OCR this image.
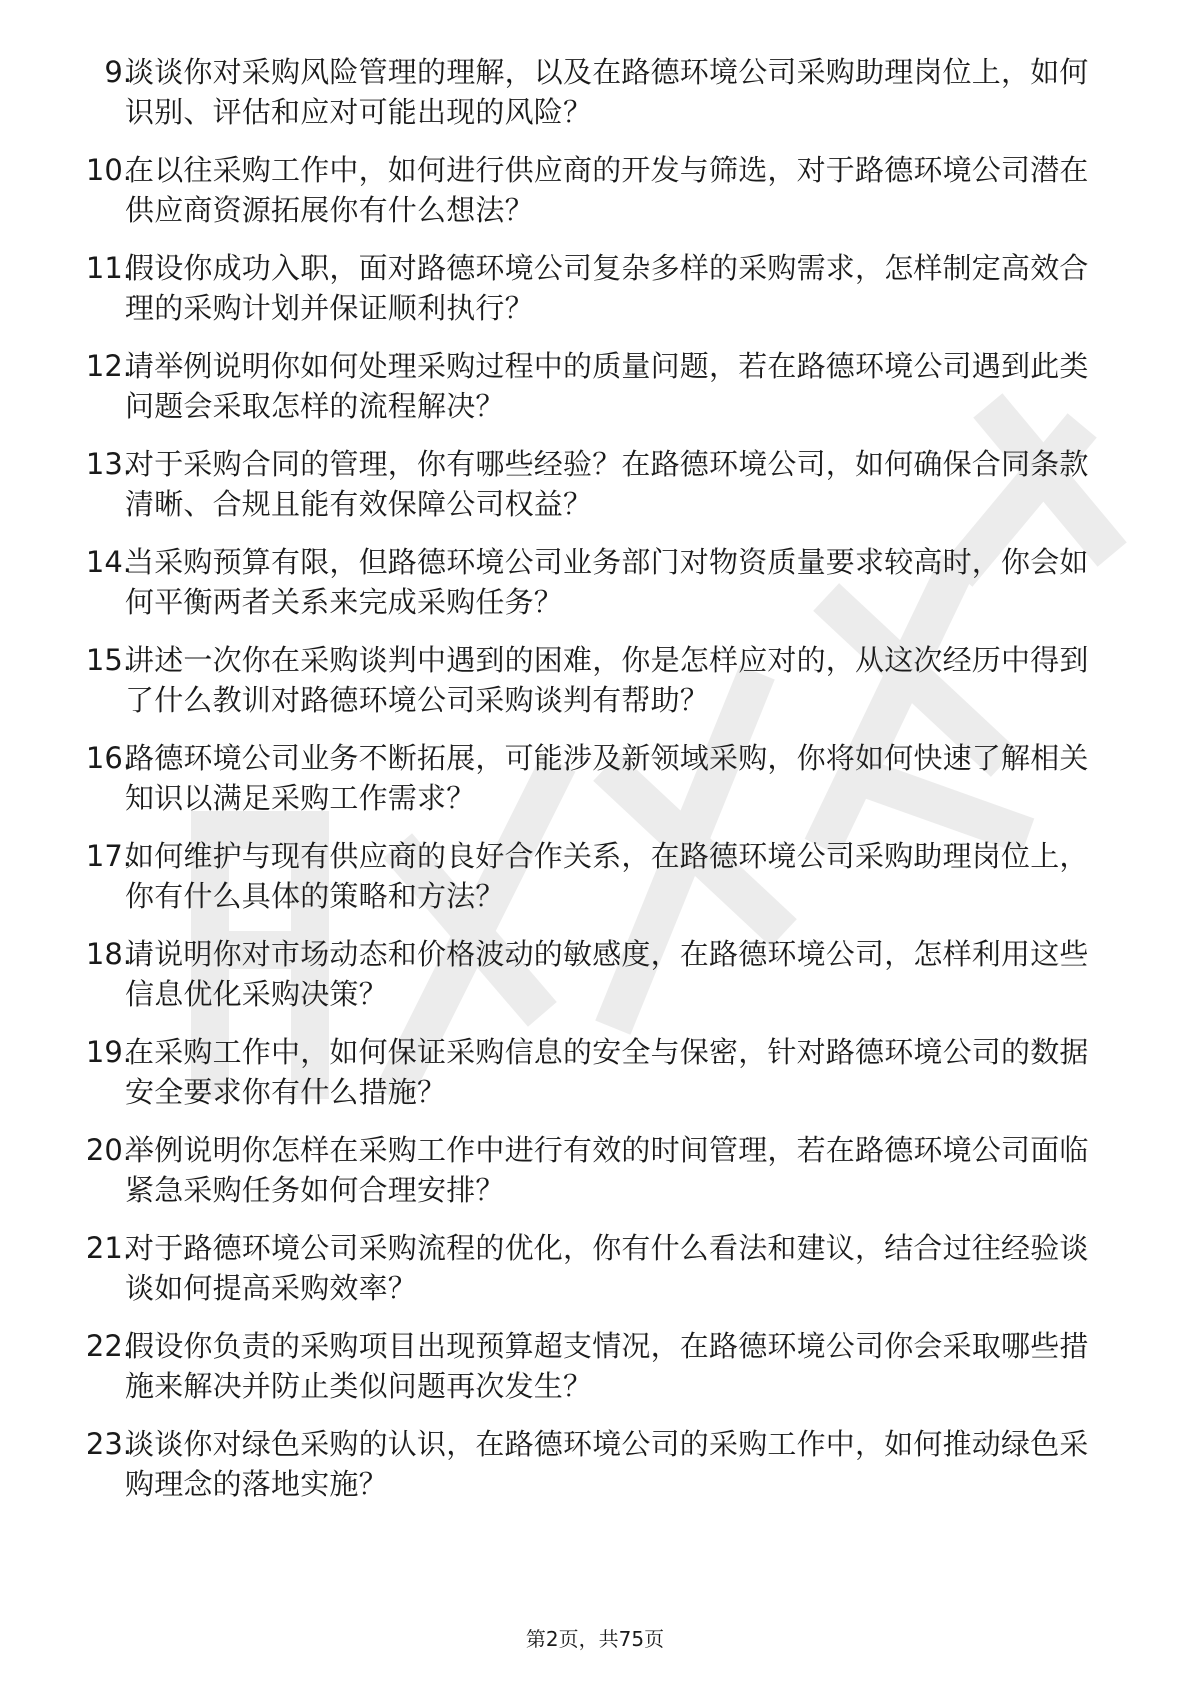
9.
谈谈你对采购风险管理的理解，以及在路德环境公司采购助理岗位上，如何识别、评估和应对可能出现的风险？
10.
在以往采购工作中，如何进行供应商的开发与筛选，对于路德环境公司潜在供应商资源拓展你有什么想法？
11.
假设你成功入职，面对路德环境公司复杂多样的采购需求，怎样制定高效合理的采购计划并保证顺利执行？
12.
请举例说明你如何处理采购过程中的质量问题，若在路德环境公司遇到此类问题会采取怎样的流程解决？
13.
对于采购合同的管理，你有哪些经验？在路德环境公司，如何确保合同条款清晰、合规且能有效保障公司权益？
14.
当采购预算有限，但路德环境公司业务部门对物资质量要求较高时，你会如何平衡两者关系来完成采购任务？
15.
讲述一次你在采购谈判中遇到的困难，你是怎样应对的，从这次经历中得到了什么教训对路德环境公司采购谈判有帮助？
16.
路德环境公司业务不断拓展，可能涉及新领域采购，你将如何快速了解相关知识以满足采购工作需求？
17.
如何维护与现有供应商的良好合作关系，在路德环境公司采购助理岗位上，你有什么具体的策略和方法？
18.
请说明你对市场动态和价格波动的敏感度，在路德环境公司，怎样利用这些信息优化采购决策？
19.
在采购工作中，如何保证采购信息的安全与保密，针对路德环境公司的数据安全要求你有什么措施？
20.
举例说明你怎样在采购工作中进行有效的时间管理，若在路德环境公司面临紧急采购任务如何合理安排？
21.
对于路德环境公司采购流程的优化，你有什么看法和建议，结合过往经验谈谈如何提高采购效率？
22.
假设你负责的采购项目出现预算超支情况，在路德环境公司你会采取哪些措施来解决并防止类似问题再次发生？
23.
谈谈你对绿色采购的认识，在路德环境公司的采购工作中，如何推动绿色采购理念的落地实施？
第2页，共75页
